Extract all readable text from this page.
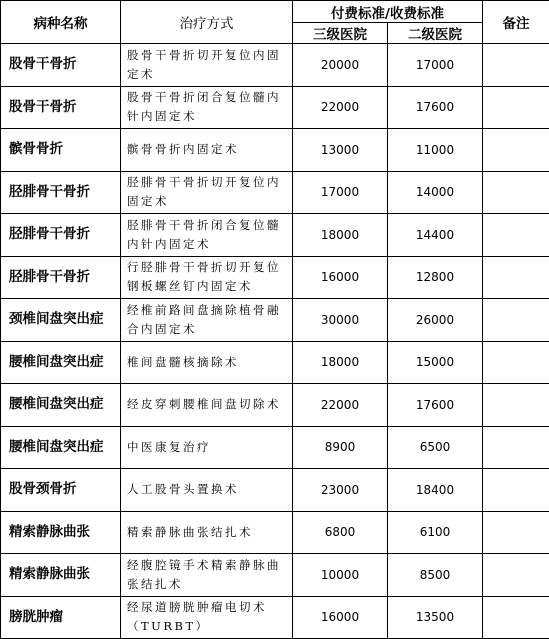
病种名称	治疗方式	付费标准/收费标准		备注
		三级医院	二级医院	
股骨干骨折	股骨干骨折切开复位内固定术	20000	17000	
股骨干骨折	股骨干骨折闭合复位髓内针内固定术	22000	17600	
髌骨骨折	髌骨骨折内固定术	13000	11000	
胫腓骨干骨折	胫腓骨干骨折切开复位内固定术	17000	14000	
胫腓骨干骨折	胫腓骨干骨折闭合复位髓内针内固定术	18000	14400	
胫腓骨干骨折	行胫腓骨干骨折切开复位钢板螺丝钉内固定术	16000	12800	
颈椎间盘突出症	经椎前路间盘摘除植骨融合内固定术	30000	26000	
腰椎间盘突出症	椎间盘髓核摘除术	18000	15000	
腰椎间盘突出症	经皮穿刺腰椎间盘切除术	22000	17600	
腰椎间盘突出症	中医康复治疗	8900	6500	
股骨颈骨折	人工股骨头置换术	23000	18400	
精索静脉曲张	精索静脉曲张结扎术	6800	6100	
精索静脉曲张	经腹腔镜手术精索静脉曲张结扎术	10000	8500	
膀胱肿瘤	经尿道膀胱肿瘤电切术（TURBT）	16000	13500	
